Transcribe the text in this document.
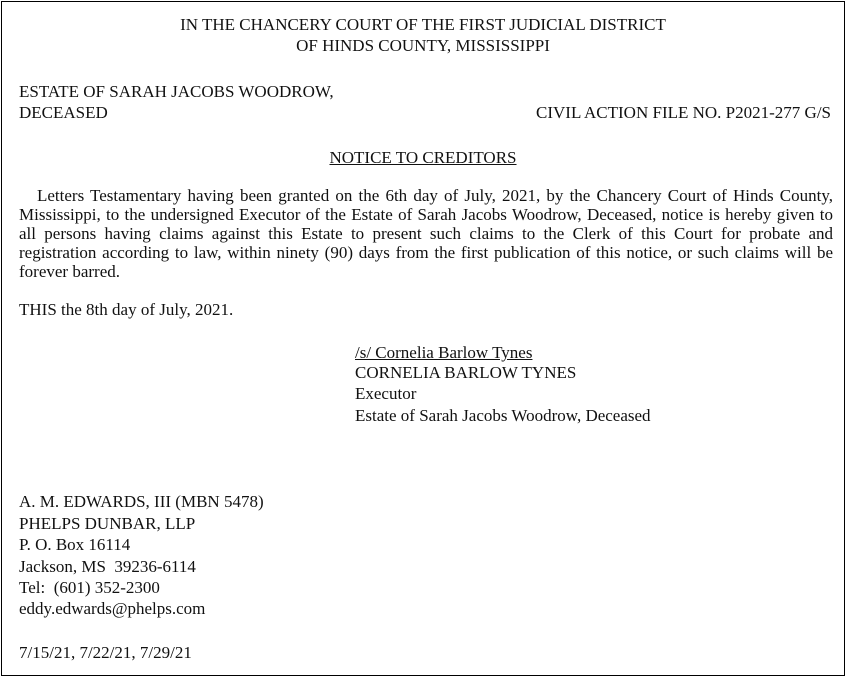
IN THE CHANCERY COURT OF THE FIRST JUDICIAL DISTRICT

OF HINDS COUNTY, MISSISSIPPI

ESTATE OF SARAH JACOBS WOODROW,

DECEASED	CIVIL ACTION FILE NO. P2021-277 G/S

NOTICE TO CREDITORS

Letters Testamentary having been granted on the 6th day of July, 2021, by the Chancery Court of Hinds County, Mississippi, to the undersigned Executor of the Estate of Sarah Jacobs Woodrow, Deceased, notice is hereby given to all persons having claims against this Estate to present such claims to the Clerk of this Court for probate and registration according to law, within ninety (90) days from the first publication of this notice, or such claims will be forever barred.

THIS the 8th day of July, 2021.

/s/ Cornelia Barlow Tynes

CORNELIA BARLOW TYNES

Executor

Estate of Sarah Jacobs Woodrow, Deceased

A. M. EDWARDS, III (MBN 5478)

PHELPS DUNBAR, LLP

P. O. Box 16114

Jackson, MS  39236-6114

Tel:  (601) 352-2300

eddy.edwards@phelps.com

7/15/21, 7/22/21, 7/29/21
